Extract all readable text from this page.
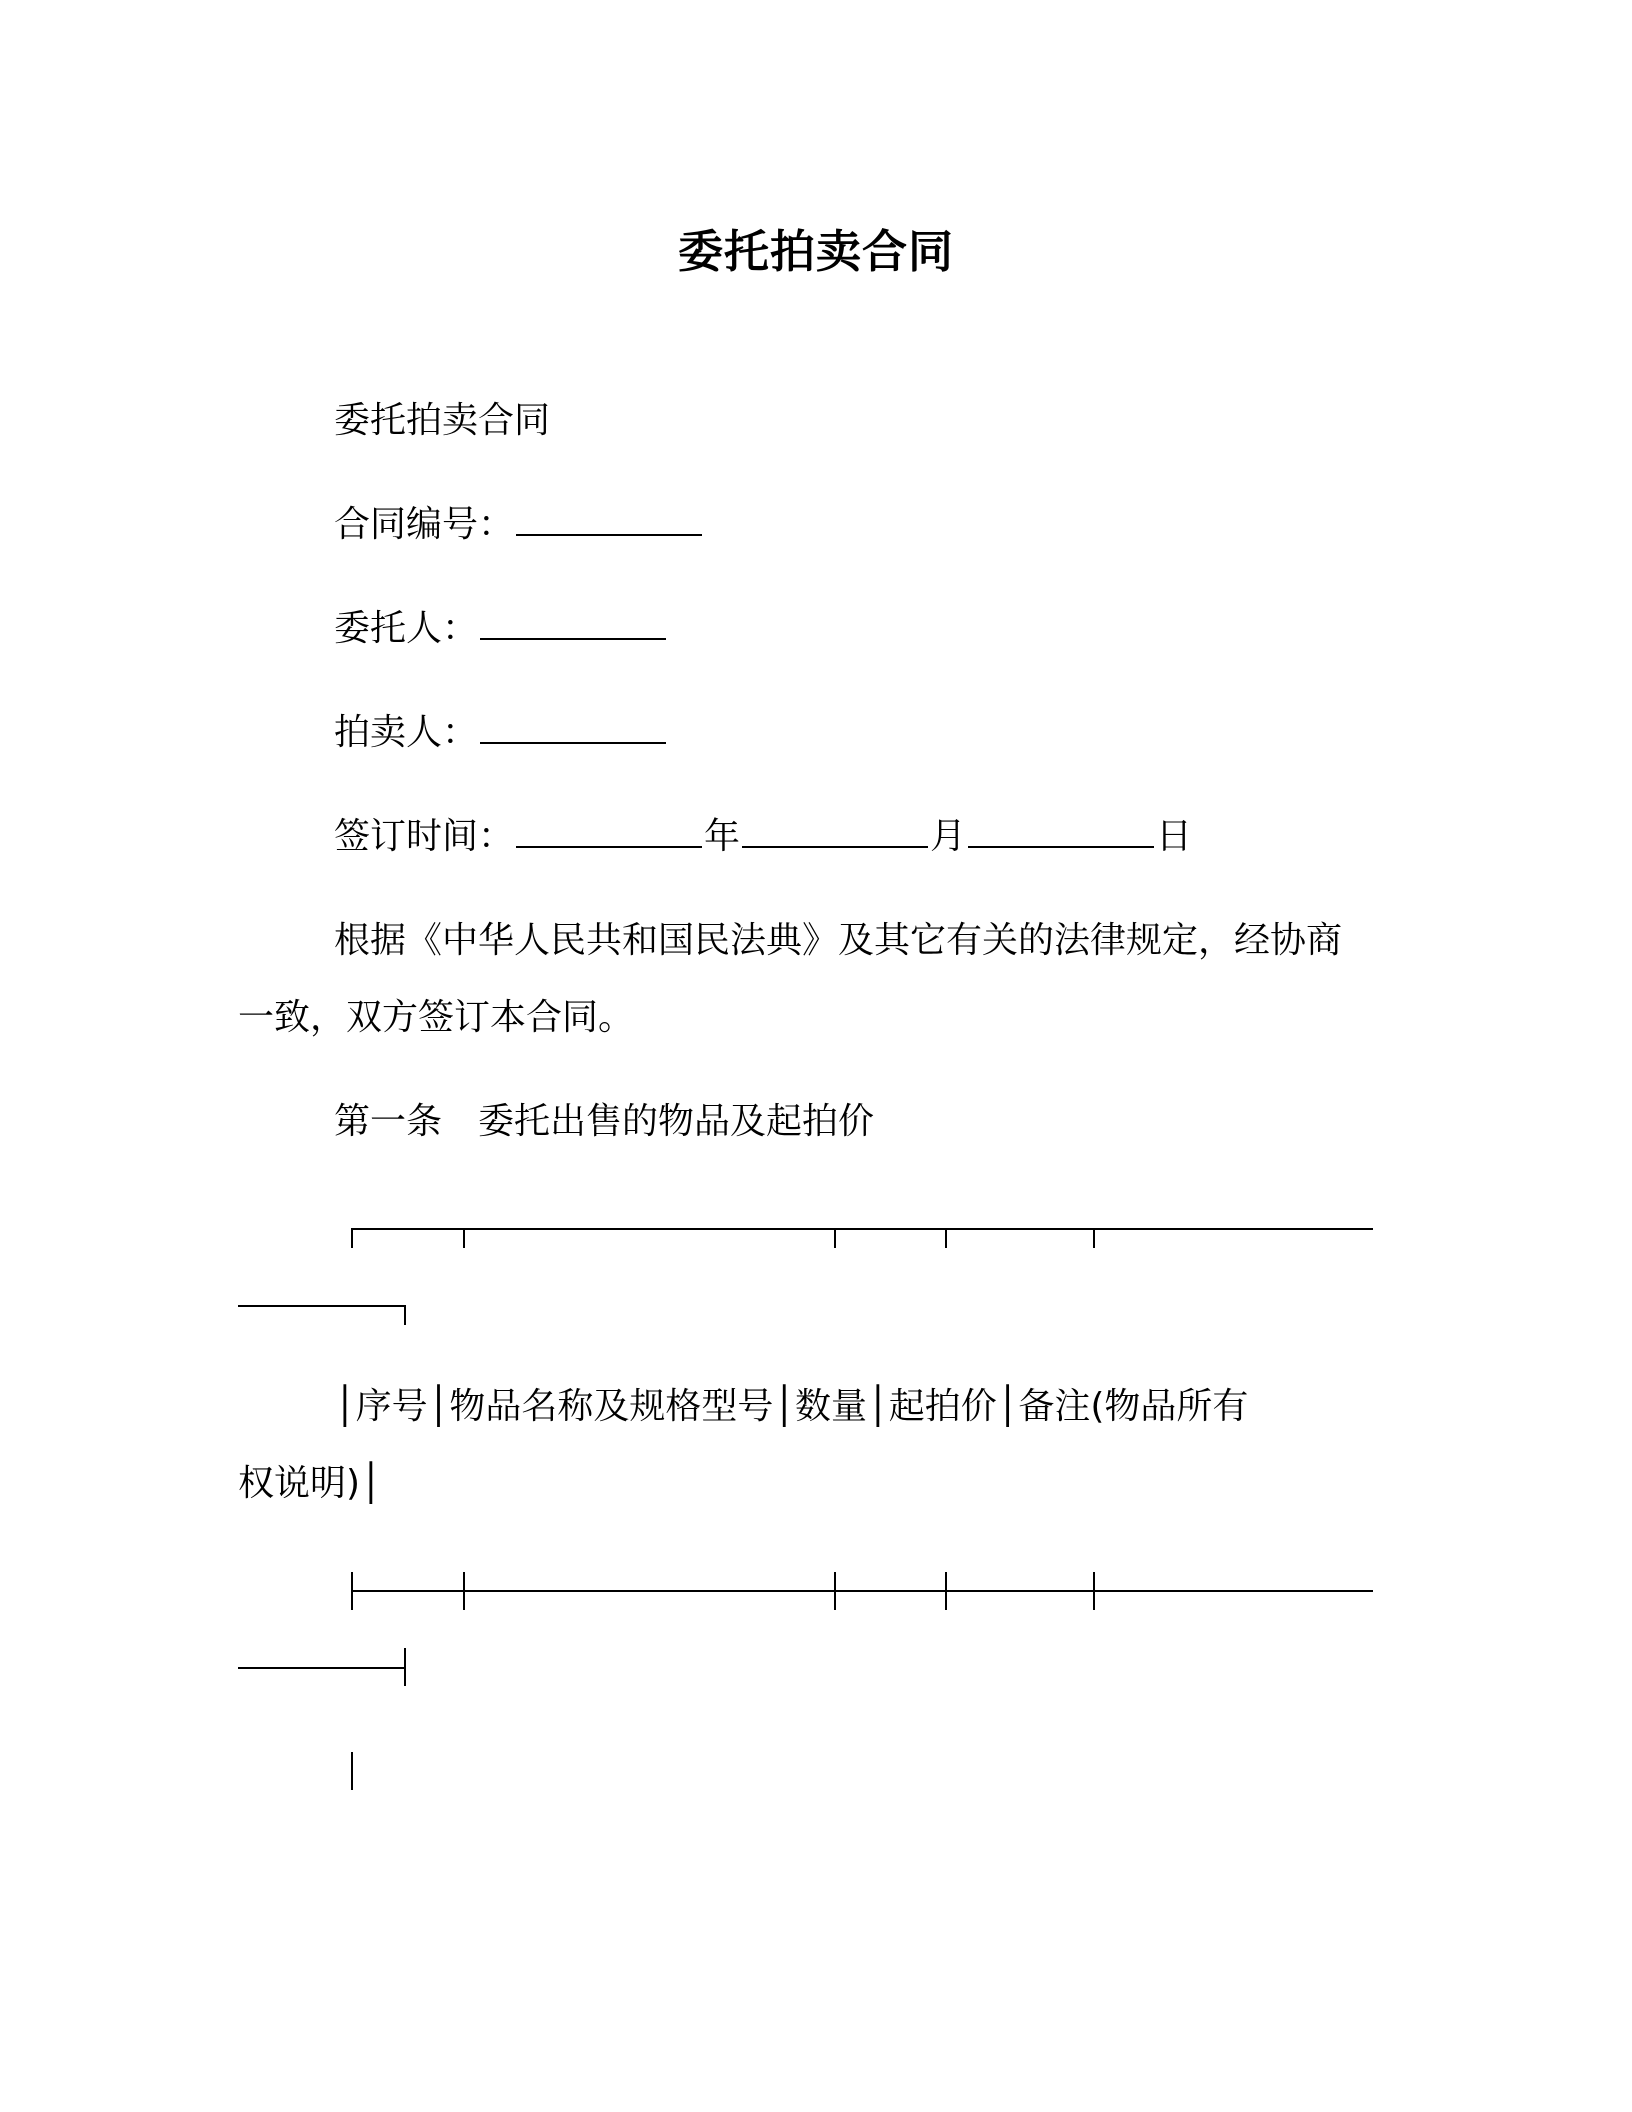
委托拍卖合同
委托拍卖合同
合同编号：
委托人：
拍卖人：
签订时间：	年	月	日
根据《中华人民共和国民法典》及其它有关的法律规定，经协商
一致，双方签订本合同。
第一条　委托出售的物品及起拍价
│序号│物品名称及规格型号│数量│起拍价│备注(物品所有
权说明)│
